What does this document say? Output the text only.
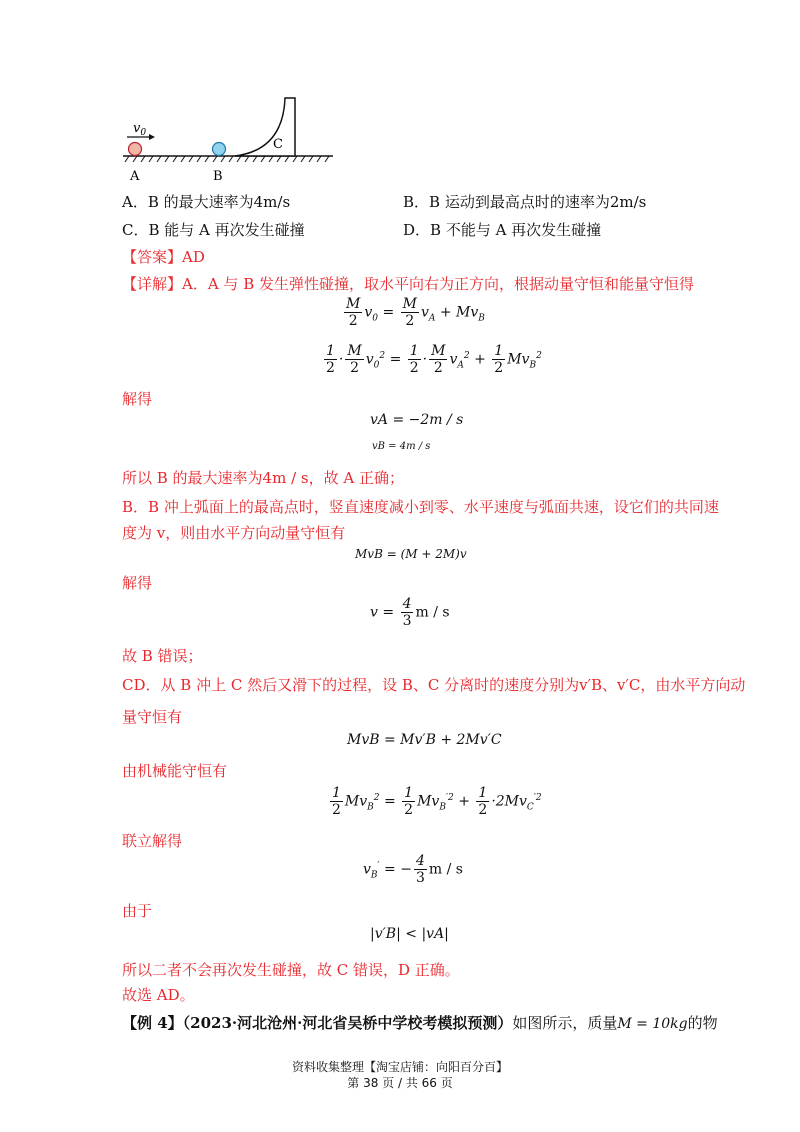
$v_0$
A	B
C
A．B 的最大速率为4m/s	B．B 运动到最高点时的速率为2m/s
C．B 能与 A 再次发生碰撞	D．B 不能与 A 再次发生碰撞
【答案】AD
【详解】A．A 与 B 发生弹性碰撞，取水平向右为正方向，根据动量守恒和能量守恒得
$\frac{M}{2} v_0 = \frac{M}{2} v_A + Mv_B$
$\frac{1}{2} \cdot \frac{M}{2} v_0^2 = \frac{1}{2} \cdot \frac{M}{2} v_A^2 + \frac{1}{2} Mv_B^2$
解得
vA = −2m / s
vB = 4m / s
所以 B 的最大速率为4m / s，故 A 正确；
B．B 冲上弧面上的最高点时，竖直速度减小到零、水平速度与弧面共速，设它们的共同速
度为 v，则由水平方向动量守恒有
MvB = (M + 2M)v
解得
$v = \frac{4}{3}$ m / s
故 B 错误；
CD．从 B 冲上 C 然后又滑下的过程，设 B、C 分离时的速度分别为v′B、v′C，由水平方向动
量守恒有
MvB = Mv′B + 2Mv′C
由机械能守恒有
$\frac{1}{2} Mv_B^2 = \frac{1}{2} Mv_B^{'2} + \frac{1}{2} \cdot 2Mv_C^{'2}$
联立解得
$v_B'$ = − $\frac{4}{3}$ m / s
由于
|v′B| < |vA|
所以二者不会再次发生碰撞，故 C 错误，D 正确。
故选 AD。
【例 4】（2023·河北沧州·河北省吴桥中学校考模拟预测）如图所示，质量M = 10kg的物
资料收集整理【淘宝店铺：向阳百分百】
第 38 页 / 共 66 页
